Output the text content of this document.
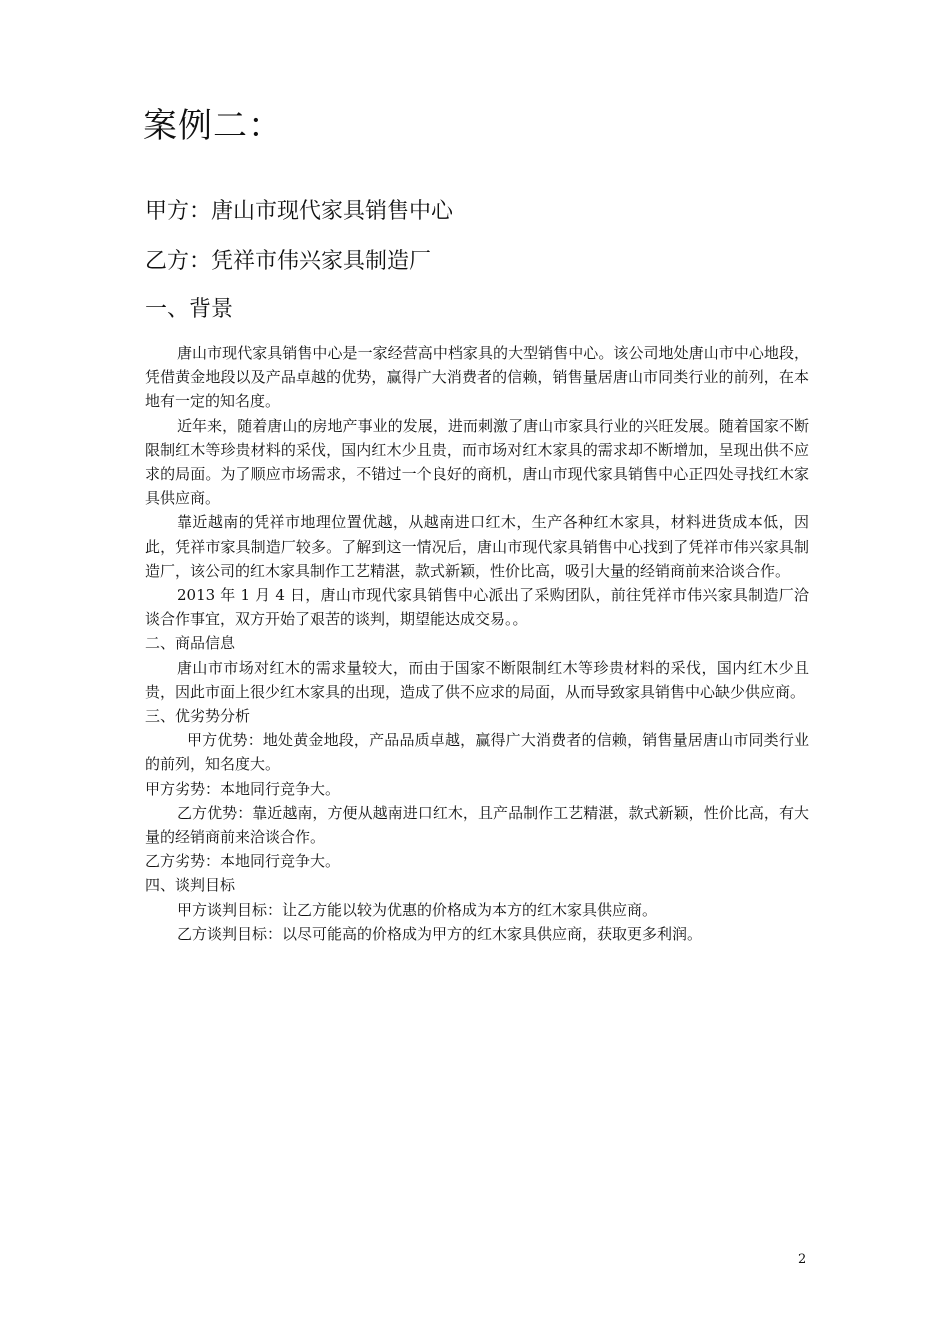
案例二：
甲方：唐山市现代家具销售中心
乙方：凭祥市伟兴家具制造厂
一、背景

唐山市现代家具销售中心是一家经营高中档家具的大型销售中心。该公司地处唐山市中心地段，凭借黄金地段以及产品卓越的优势，赢得广大消费者的信赖，销售量居唐山市同类行业的前列，在本地有一定的知名度。

近年来，随着唐山的房地产事业的发展，进而刺激了唐山市家具行业的兴旺发展。随着国家不断限制红木等珍贵材料的采伐，国内红木少且贵，而市场对红木家具的需求却不断增加，呈现出供不应求的局面。为了顺应市场需求，不错过一个良好的商机，唐山市现代家具销售中心正四处寻找红木家具供应商。

靠近越南的凭祥市地理位置优越，从越南进口红木，生产各种红木家具，材料进货成本低，因此，凭祥市家具制造厂较多。了解到这一情况后，唐山市现代家具销售中心找到了凭祥市伟兴家具制造厂，该公司的红木家具制作工艺精湛，款式新颖，性价比高，吸引大量的经销商前来洽谈合作。

2013 年 1 月 4 日，唐山市现代家具销售中心派出了采购团队，前往凭祥市伟兴家具制造厂洽谈合作事宜，双方开始了艰苦的谈判，期望能达成交易。。

二、商品信息

唐山市市场对红木的需求量较大，而由于国家不断限制红木等珍贵材料的采伐，国内红木少且贵，因此市面上很少红木家具的出现，造成了供不应求的局面，从而导致家具销售中心缺少供应商。

三、优劣势分析

甲方优势：地处黄金地段，产品品质卓越，赢得广大消费者的信赖，销售量居唐山市同类行业的前列，知名度大。

甲方劣势：本地同行竞争大。

乙方优势：靠近越南，方便从越南进口红木，且产品制作工艺精湛，款式新颖，性价比高，有大量的经销商前来洽谈合作。

乙方劣势：本地同行竞争大。

四、谈判目标

甲方谈判目标：让乙方能以较为优惠的价格成为本方的红木家具供应商。

乙方谈判目标：以尽可能高的价格成为甲方的红木家具供应商，获取更多利润。

2
